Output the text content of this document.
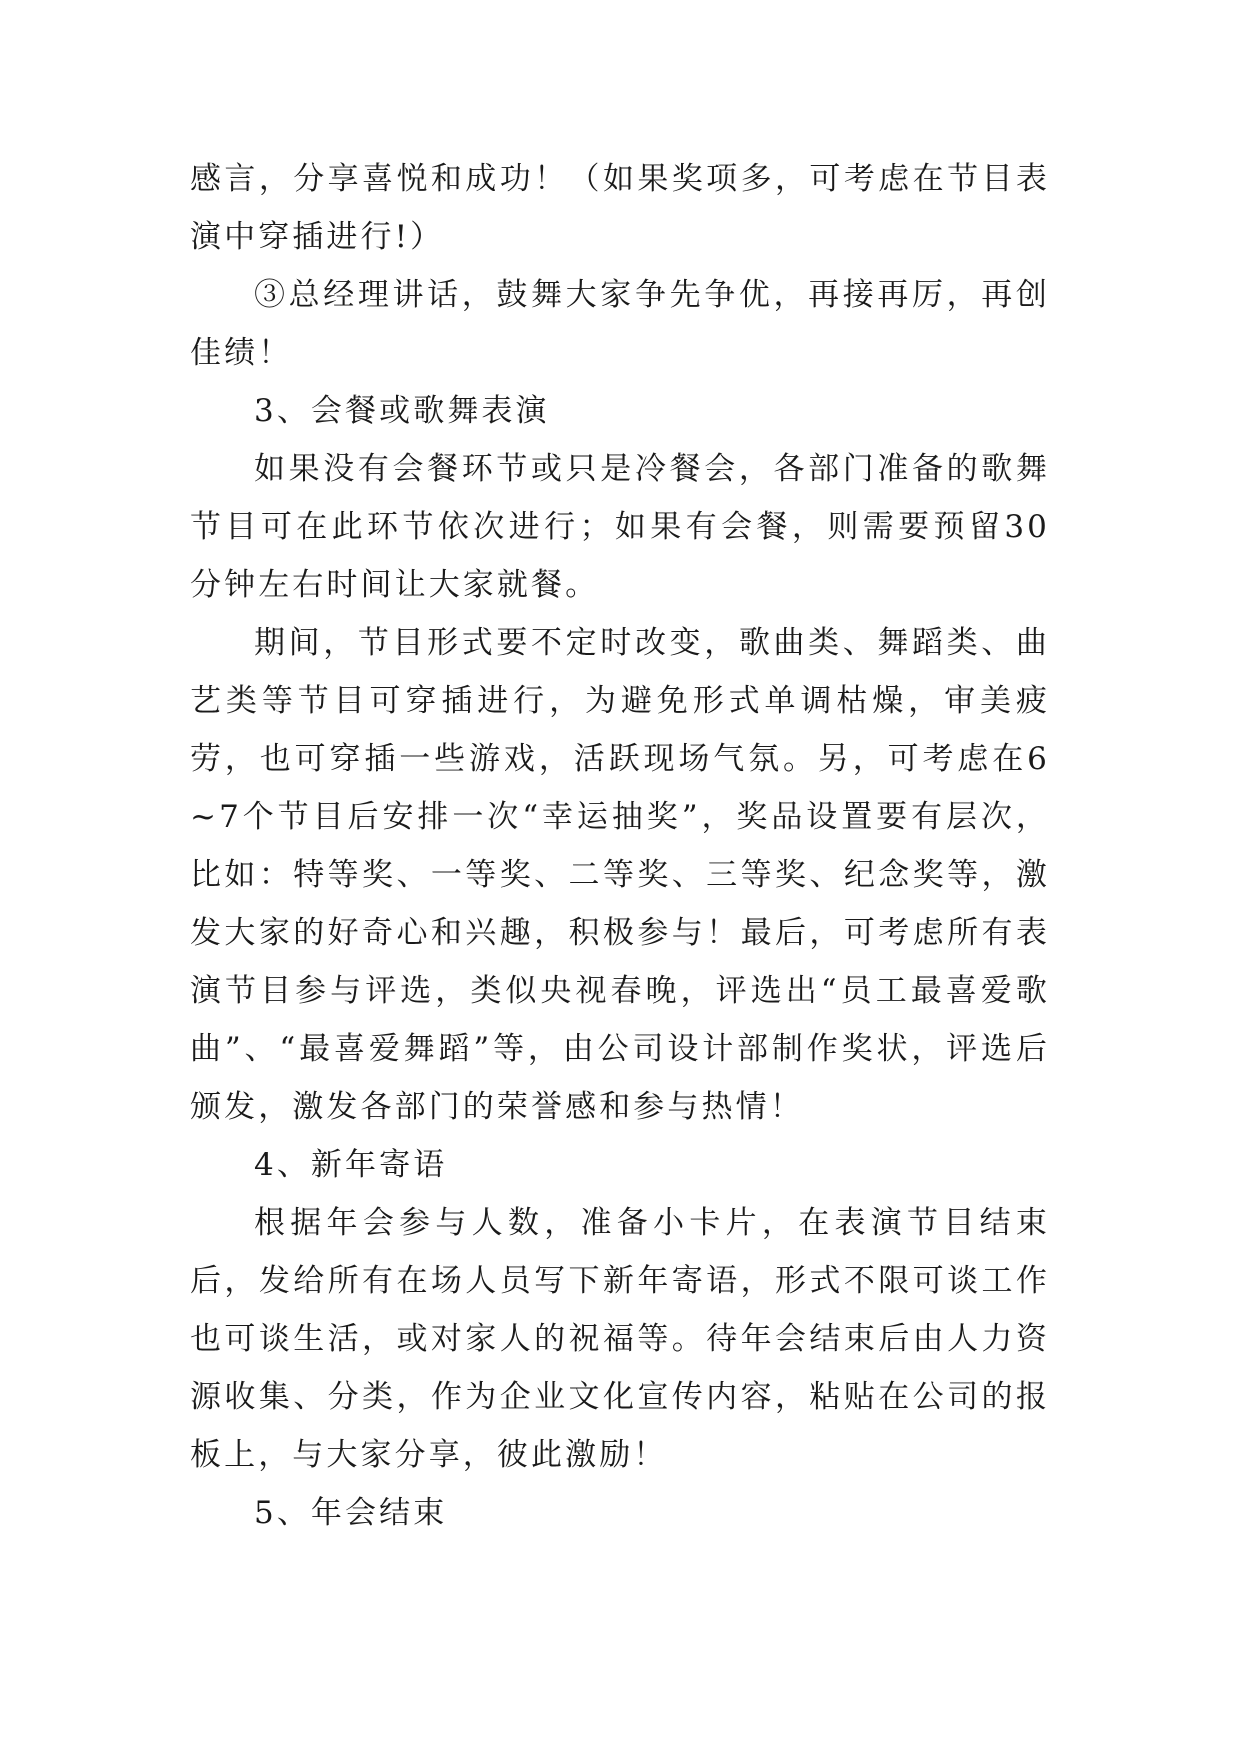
感言，分享喜悦和成功！（如果奖项多，可考虑在节目表演中穿插进行!）

③总经理讲话，鼓舞大家争先争优，再接再厉，再创佳绩！

3、会餐或歌舞表演

如果没有会餐环节或只是冷餐会，各部门准备的歌舞节目可在此环节依次进行；如果有会餐，则需要预留30分钟左右时间让大家就餐。

期间，节目形式要不定时改变，歌曲类、舞蹈类、曲艺类等节目可穿插进行，为避免形式单调枯燥，审美疲劳，也可穿插一些游戏，活跃现场气氛。另，可考虑在6~7个节目后安排一次“幸运抽奖”，奖品设置要有层次，比如：特等奖、一等奖、二等奖、三等奖、纪念奖等，激发大家的好奇心和兴趣，积极参与！最后，可考虑所有表演节目参与评选，类似央视春晚，评选出“员工最喜爱歌曲”、“最喜爱舞蹈”等，由公司设计部制作奖状，评选后颁发，激发各部门的荣誉感和参与热情！

4、新年寄语

根据年会参与人数，准备小卡片，在表演节目结束后，发给所有在场人员写下新年寄语，形式不限可谈工作也可谈生活，或对家人的祝福等。待年会结束后由人力资源收集、分类，作为企业文化宣传内容，粘贴在公司的报板上，与大家分享，彼此激励！

5、年会结束
